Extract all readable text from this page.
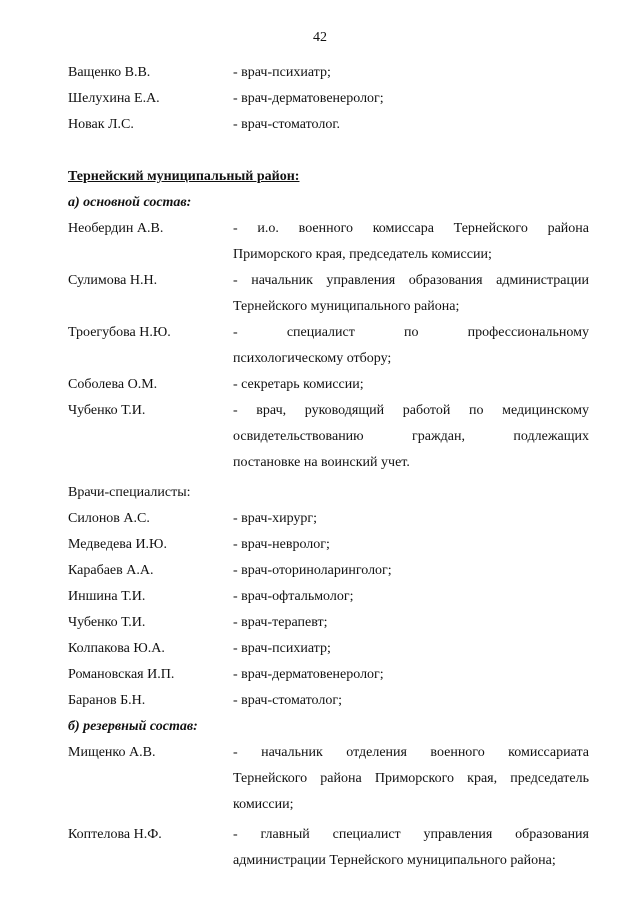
42
Ващенко В.В.	- врач-психиатр;
Шелухина Е.А.	- врач-дерматовенеролог;
Новак Л.С.	- врач-стоматолог.
Тернейский муниципальный район:
а) основной состав:
Необердин А.В.	- и.о. военного комиссара Тернейского района
Приморского края, председатель комиссии;
Сулимова Н.Н.	- начальник управления образования администрации
Тернейского муниципального района;
Троегубова Н.Ю.	- специалист по профессиональному
психологическому отбору;
Соболева О.М.	- секретарь комиссии;
Чубенко Т.И.	- врач, руководящий работой по медицинскому
освидетельствованию граждан, подлежащих
постановке на воинский учет.
Врачи-специалисты:
Силонов А.С.	- врач-хирург;
Медведева И.Ю.	- врач-невролог;
Карабаев А.А.	- врач-оториноларинголог;
Иншина Т.И.	- врач-офтальмолог;
Чубенко Т.И.	- врач-терапевт;
Колпакова Ю.А.	- врач-психиатр;
Романовская И.П.	- врач-дерматовенеролог;
Баранов Б.Н.	- врач-стоматолог;
б) резервный состав:
Мищенко А.В.	- начальник отделения военного комиссариата
Тернейского района Приморского края, председатель
комиссии;
Коптелова Н.Ф.	- главный специалист управления образования
администрации Тернейского муниципального района;
